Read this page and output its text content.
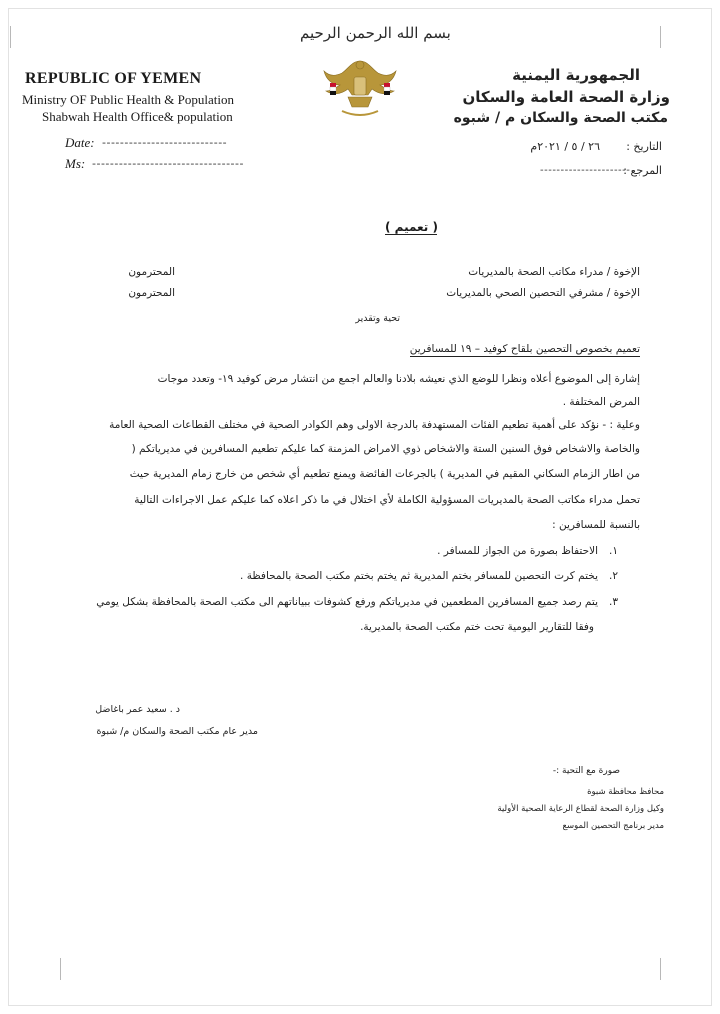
بسم الله الرحمن الرحيم
REPUBLIC OF YEMEN
Ministry OF Public Health & Population
Shabwah Health Office& population
الجمهورية اليمنية
وزارة الصحة العامة والسكان
مكتب الصحة والسكان م / شبوه
Date: ----------------------------
Ms: ----------------------------------
التاريخ :
٢٦ / ٥ / ٢٠٢١م
المرجع :
----------------------
( تعميم )
الإخوة / مدراء مكاتب الصحة بالمديريات
المحترمون
الإخوة / مشرفي التحصين الصحي بالمديريات
المحترمون
تحية وتقدير
تعميم بخصوص التحصين بلقاح كوفيد – ١٩ للمسافرين
إشارة إلى الموضوع أعلاه ونظرا للوضع الذي نعيشه بلادنا والعالم اجمع من انتشار مرض كوفيد ١٩- وتعدد موجات
المرض المختلفة .
وعلية : - نؤكد على أهمية تطعيم الفئات المستهدفة بالدرجة الاولى وهم الكوادر الصحية في مختلف القطاعات الصحية العامة
والخاصة والاشخاص فوق السنين الستة والاشخاص ذوي الامراض المزمنة كما عليكم تطعيم المسافرين في مديرياتكم (
من اطار الزمام السكاني المقيم في المديرية ) بالجرعات الفائضة ويمنع تطعيم أي شخص من خارج زمام المديرية حيث
تحمل مدراء مكاتب الصحة بالمديريات المسؤولية الكاملة لأي اختلال في ما ذكر اعلاه كما عليكم عمل الاجراءات التالية
بالنسبة للمسافرين :
١.
الاحتفاظ بصورة من الجواز للمسافر .
٢.
يختم كرت التحصين للمسافر بختم المديرية ثم يختم بختم مكتب الصحة بالمحافظة .
٣.
يتم رصد جميع المسافرين المطعمين في مديرياتكم ورفع كشوفات ببياناتهم الى مكتب الصحة بالمحافظة بشكل يومي
وفقا للتقارير اليومية تحت ختم مكتب الصحة بالمديرية.
د . سعيد عمر باغاضل
مدير عام مكتب الصحة والسكان م/ شبوة
صورة مع التحية :-
محافظ محافظة شبوة
وكيل وزارة الصحة لقطاع الرعاية الصحية الأولية
مدير برنامج التحصين الموسع
